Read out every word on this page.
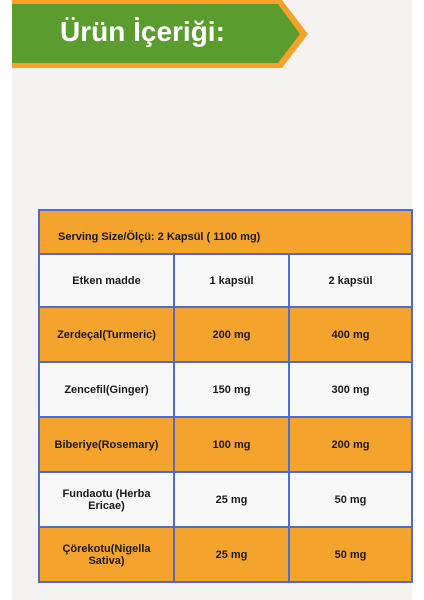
Ürün İçeriği:
Serving Size/Ölçü: 2 Kapsül ( 1100 mg)		
Etken madde	1 kapsül	2 kapsül
Zerdeçal(Turmeric)	200 mg	400 mg
Zencefil(Ginger)	150 mg	300 mg
Biberiye(Rosemary)	100 mg	200 mg
Fundaotu (Herba Ericae)	25 mg	50 mg
Çörekotu(Nigella Sativa)	25 mg	50 mg
